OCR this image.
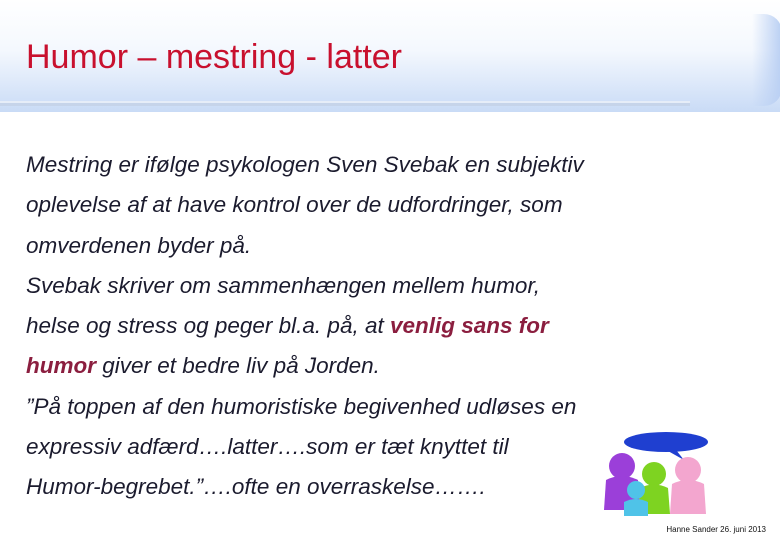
Humor – mestring - latter
Mestring er ifølge psykologen Sven Svebak en subjektiv
oplevelse af at have kontrol over de udfordringer, som
omverdenen byder på.
Svebak skriver om sammenhængen mellem humor,
helse og stress og peger bl.a. på, at venlig sans for
humor giver et bedre liv på Jorden.
”På toppen af den humoristiske begivenhed udløses en
expressiv adfærd….latter….som er tæt knyttet til
Humor-begrebet.”….ofte en overraskelse…….
Hanne Sander 26. juni 2013
